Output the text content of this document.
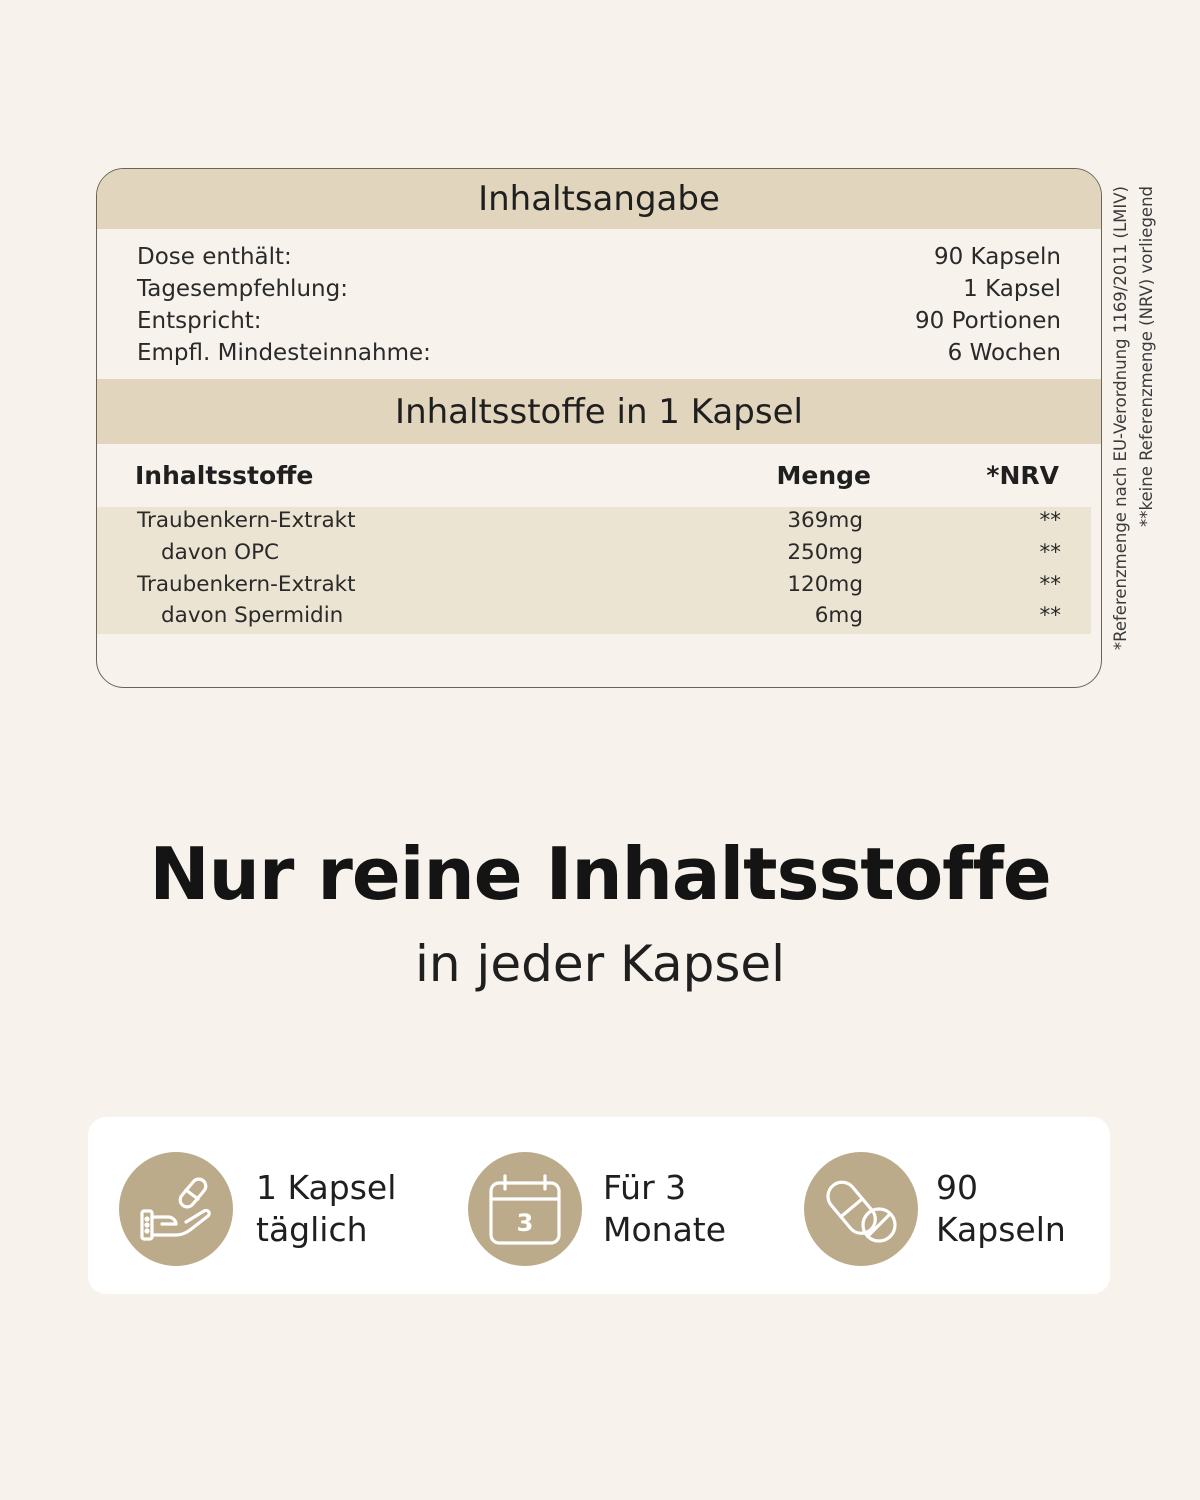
Inhaltsangabe
Dose enthält:	90 Kapseln
Tagesempfehlung:	1 Kapsel
Entspricht:	90 Portionen
Empfl. Mindesteinnahme:	6 Wochen
Inhaltsstoffe in 1 Kapsel
Inhaltsstoffe	Menge	*NRV
Traubenkern-Extrakt	369mg	**
davon OPC	250mg	**
Traubenkern-Extrakt	120mg	**
davon Spermidin	6mg	**	*Referenzmenge nach EU-Verordnung 1169/2011 (LMIV) **keine Referenzmenge (NRV) vorliegend
Nur reine Inhaltsstoffe
in jeder Kapsel
1 Kapsel
täglich	3
Für 3
Monate
90
Kapseln
